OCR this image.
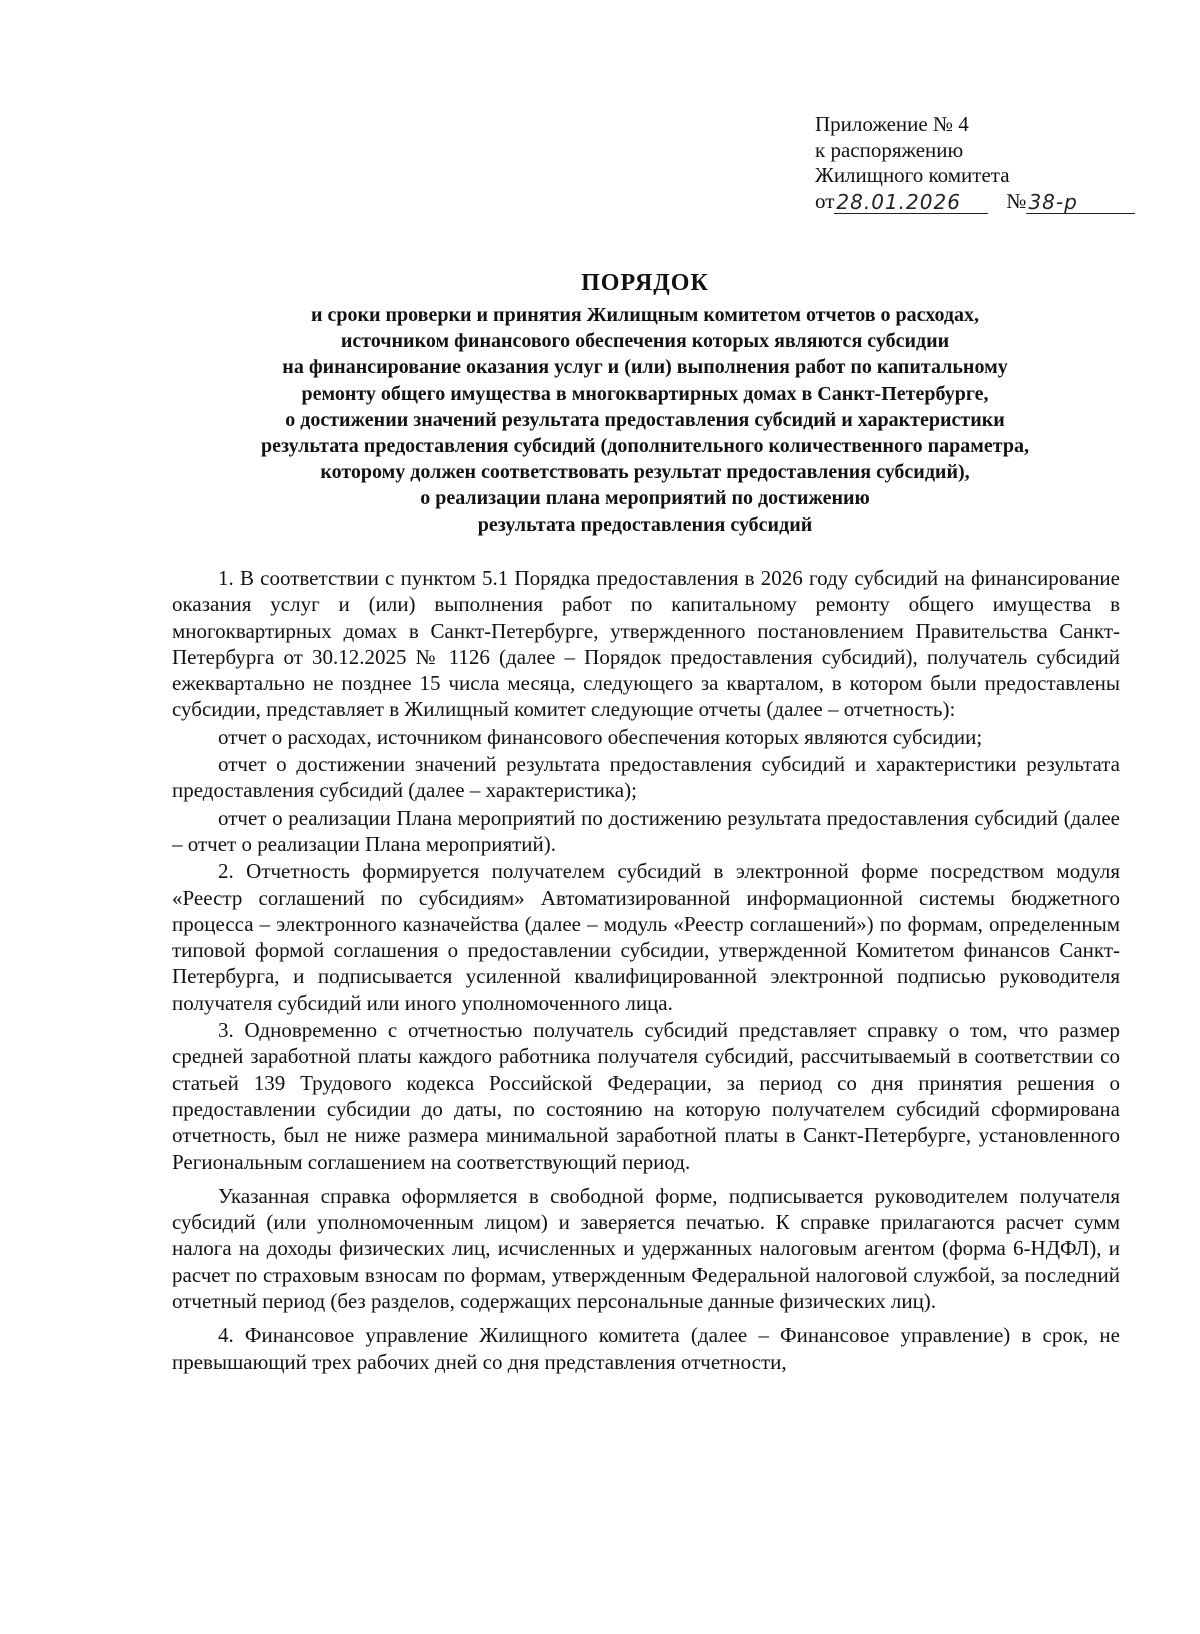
Приложение № 4
к распоряжению
Жилищного комитета
от 28.01.2026	№ 38-р
ПОРЯДОК
и сроки проверки и принятия Жилищным комитетом отчетов о расходах,
источником финансового обеспечения которых являются субсидии
на финансирование оказания услуг и (или) выполнения работ по капитальному
ремонту общего имущества в многоквартирных домах в Санкт-Петербурге,
о достижении значений результата предоставления субсидий и характеристики
результата предоставления субсидий (дополнительного количественного параметра,
которому должен соответствовать результат предоставления субсидий),
о реализации плана мероприятий по достижению
результата предоставления субсидий

1. В соответствии с пунктом 5.1 Порядка предоставления в 2026 году субсидий на финансирование оказания услуг и (или) выполнения работ по капитальному ремонту общего имущества в многоквартирных домах в Санкт-Петербурге, утвержденного постановлением Правительства Санкт-Петербурга от 30.12.2025 № 1126 (далее – Порядок предоставления субсидий), получатель субсидий ежеквартально не позднее 15 числа месяца, следующего за кварталом, в котором были предоставлены субсидии, представляет в Жилищный комитет следующие отчеты (далее – отчетность):

отчет о расходах, источником финансового обеспечения которых являются субсидии;

отчет о достижении значений результата предоставления субсидий и характеристики результата предоставления субсидий (далее – характеристика);

отчет о реализации Плана мероприятий по достижению результата предоставления субсидий (далее – отчет о реализации Плана мероприятий).

2. Отчетность формируется получателем субсидий в электронной форме посредством модуля «Реестр соглашений по субсидиям» Автоматизированной информационной системы бюджетного процесса – электронного казначейства (далее – модуль «Реестр соглашений») по формам, определенным типовой формой соглашения о предоставлении субсидии, утвержденной Комитетом финансов Санкт-Петербурга, и подписывается усиленной квалифицированной электронной подписью руководителя получателя субсидий или иного уполномоченного лица.

3. Одновременно с отчетностью получатель субсидий представляет справку о том, что размер средней заработной платы каждого работника получателя субсидий, рассчитываемый в соответствии со статьей 139 Трудового кодекса Российской Федерации, за период со дня принятия решения о предоставлении субсидии до даты, по состоянию на которую получателем субсидий сформирована отчетность, был не ниже размера минимальной заработной платы в Санкт-Петербурге, установленного Региональным соглашением на соответствующий период.

Указанная справка оформляется в свободной форме, подписывается руководителем получателя субсидий (или уполномоченным лицом) и заверяется печатью. К справке прилагаются расчет сумм налога на доходы физических лиц, исчисленных и удержанных налоговым агентом (форма 6-НДФЛ), и расчет по страховым взносам по формам, утвержденным Федеральной налоговой службой, за последний отчетный период (без разделов, содержащих персональные данные физических лиц).

4. Финансовое управление Жилищного комитета (далее – Финансовое управление) в срок, не превышающий трех рабочих дней со дня представления отчетности,
